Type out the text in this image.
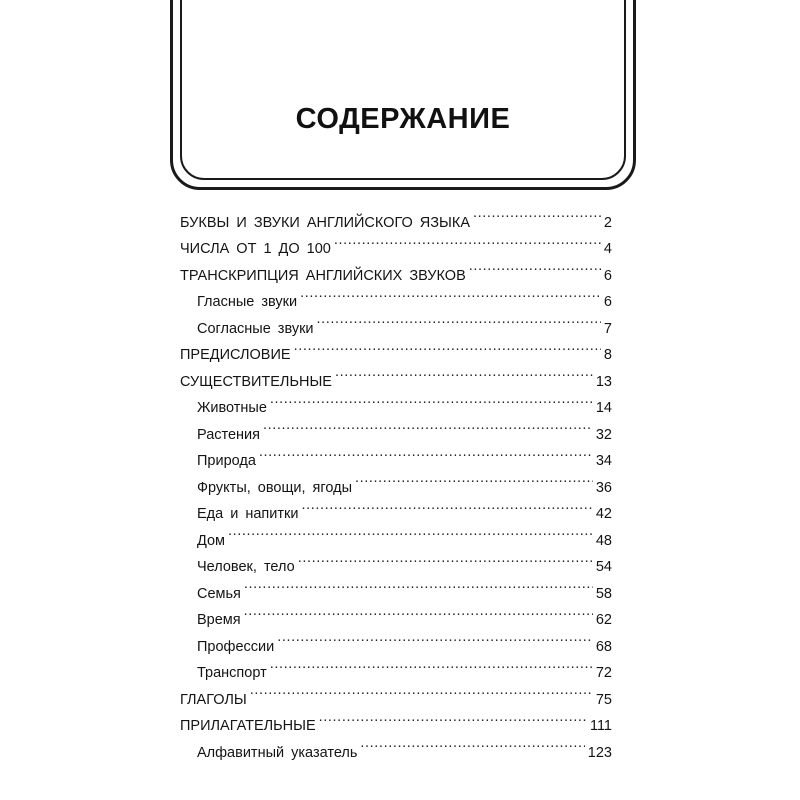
СОДЕРЖАНИЕ
БУКВЫ И ЗВУКИ АНГЛИЙСКОГО ЯЗЫКА .....	2
ЧИСЛА ОТ 1 ДО 100 .....	4
ТРАНСКРИПЦИЯ АНГЛИЙСКИХ ЗВУКОВ .....	6
Гласные звуки .....	6
Согласные звуки .....	7
ПРЕДИСЛОВИЕ .....	8
СУЩЕСТВИТЕЛЬНЫЕ .....	13
Животные .....	14
Растения .....	32
Природа .....	34
Фрукты, овощи, ягоды .....	36
Еда и напитки .....	42
Дом .....	48
Человек, тело .....	54
Семья .....	58
Время .....	62
Профессии .....	68
Транспорт .....	72
ГЛАГОЛЫ .....	75
ПРИЛАГАТЕЛЬНЫЕ .....	111
Алфавитный указатель .....	123
